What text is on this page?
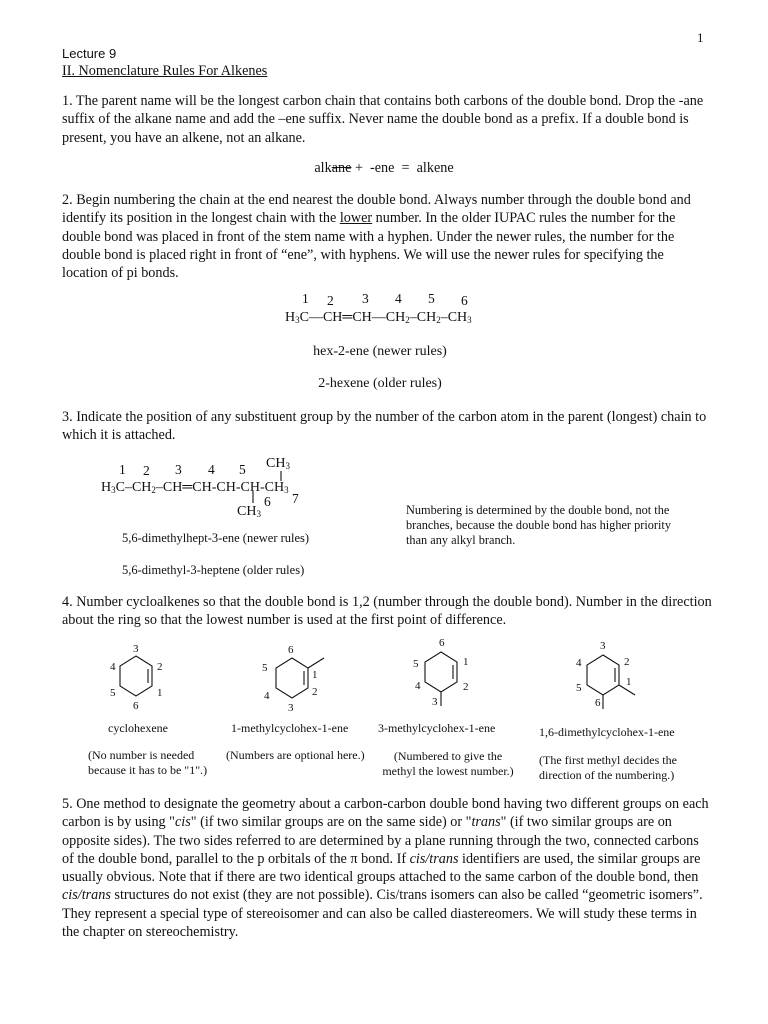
1
Lecture 9
II. Nomenclature Rules For Alkenes
1. The parent name will be the longest carbon chain that contains both carbons of the double bond. Drop the -ane suffix of the alkane name and add the –ene suffix. Never name the double bond as a prefix. If a double bond is present, you have an alkene, not an alkane.
alkane +  -ene  =  alkene
2. Begin numbering the chain at the end nearest the double bond. Always number through the double bond and identify its position in the longest chain with the lower number. In the older IUPAC rules the number for the double bond was placed in front of the stem name with a hyphen. Under the newer rules, the number for the double bond is placed right in front of “ene”, with hyphens. We will use the newer rules for specifying the location of pi bonds.
1 2 3 4 5 6
$H_3C—CH═CH—CH_2-CH_2-CH_3$
hex-2-ene (newer rules)
2-hexene (older rules)
3. Indicate the position of any substituent group by the number of the carbon atom in the parent (longest) chain to which it is attached.
1 2 3 4 5
6 7
$CH_3$
$H_3C-CH_2-CH═CH-CH-CH-CH_3$
$CH_3$	Numbering is determined by the double bond, not the branches, because the double bond has higher priority than any alkyl branch.
5,6-dimethylhept-3-ene (newer rules)
5,6-dimethyl-3-heptene (older rules)
4. Number cycloalkenes so that the double bond is 1,2 (number through the double bond). Number in the direction about the ring so that the lowest number is used at the first point of difference.
3
2
1
6
5
4
6
1
2
3
4
5
6
1
2
3
4
5
3
2
1
6
5
4
cyclohexene	1-methylcyclohex-1-ene 3-methylcyclohex-1-ene	1,6-dimethylcyclohex-1-ene
(No number is needed because it has to be "1".)
(Numbers are optional here.)	(Numbered to give the methyl the lowest number.)
(The first methyl decides the direction of the numbering.)
5. One method to designate the geometry about a carbon-carbon double bond having two different groups on each carbon is by using "cis" (if two similar groups are on the same side) or "trans" (if two similar groups are on opposite sides). The two sides referred to are determined by a plane running through the two, connected carbons of the double bond, parallel to the p orbitals of the π bond. If cis/trans identifiers are used, the similar groups are usually obvious. Note that if there are two identical groups attached to the same carbon of the double bond, then cis/trans structures do not exist (they are not possible). Cis/trans isomers can also be called “geometric isomers”. They represent a special type of stereoisomer and can also be called diastereomers. We will study these terms in the chapter on stereochemistry.
